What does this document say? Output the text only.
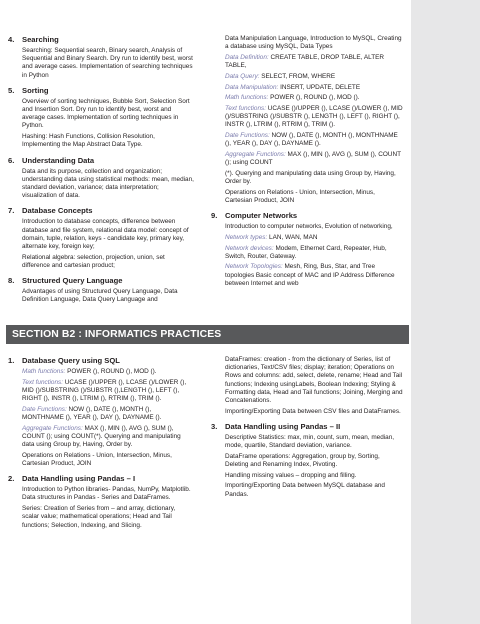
4.	Searching
Searching: Sequential search, Binary search, Analysis of Sequential and Binary Search. Dry run to identify best, worst and average cases. Implementation of searching techniques in Python
5.	Sorting
Overview of sorting techniques, Bubble Sort, Selection Sort and Insertion Sort. Dry run to identify best, worst and average cases. Implementation of sorting techniques in Python.
Hashing: Hash Functions, Collision Resolution, Implementing the Map Abstract Data Type.
6.	Understanding Data
Data and its purpose, collection and organization; understanding data using statistical methods: mean, median, standard deviation, variance; data interpretation; visualization of data.
7.	Database Concepts
Introduction to database concepts, difference between database and file system, relational data model: concept of domain, tuple, relation, keys - candidate key, primary key, alternate key, foreign key;
Relational algebra: selection, projection, union, set difference and cartesian product;
8.	Structured Query Language
Advantages of using Structured Query Language, Data Definition Language, Data Query Language and
Data Manipulation Language, Introduction to MySQL, Creating a database using MySQL, Data Types
Data Definition: CREATE TABLE, DROP TABLE, ALTER TABLE,
Data Query: SELECT, FROM, WHERE
Data Manipulation: INSERT, UPDATE, DELETE
Math functions: POWER (), ROUND (), MOD ().
Text functions: UCASE ()/UPPER (), LCASE ()/LOWER (), MID ()/SUBSTRING ()/SUBSTR (), LENGTH (), LEFT (), RIGHT (), INSTR (), LTRIM (), RTRIM (), TRIM ().
Date Functions: NOW (), DATE (), MONTH (), MONTHNAME (), YEAR (), DAY (), DAYNAME ().
Aggregate Functions: MAX (), MIN (), AVG (), SUM (), COUNT (); using COUNT
(*). Querying and manipulating data using Group by, Having, Order by.
Operations on Relations - Union, Intersection, Minus, Cartesian Product, JOIN
9.	Computer Networks
Introduction to computer networks, Evolution of networking,
Network types: LAN, WAN, MAN
Network devices: Modem, Ethernet Card, Repeater, Hub, Switch, Router, Gateway.
Network Topologies: Mesh, Ring, Bus, Star, and Tree topologies Basic concept of MAC and IP Address Difference between Internet and web
SECTION B2 : INFORMATICS PRACTICES
1.	Database Query using SQL
Math functions: POWER (), ROUND (), MOD ().
Text functions: UCASE ()/UPPER (), LCASE ()/LOWER (), MID ()/SUBSTRING ()/SUBSTR (),LENGTH (), LEFT (), RIGHT (), INSTR (), LTRIM (), RTRIM (), TRIM ().
Date Functions: NOW (), DATE (), MONTH (), MONTHNAME (), YEAR (), DAY (), DAYNAME ().
Aggregate Functions: MAX (), MIN (), AVG (), SUM (), COUNT (); using COUNT(*). Querying and manipulating data using Group by, Having, Order by.
Operations on Relations - Union, Intersection, Minus, Cartesian Product, JOIN
2.	Data Handling using Pandas – I
Introduction to Python libraries- Pandas, NumPy, Matplotlib. Data structures in Pandas - Series and DataFrames.
Series: Creation of Series from – and array, dictionary, scalar value; mathematical operations; Head and Tail functions; Selection, Indexing, and Slicing.
DataFrames: creation - from the dictionary of Series, list of dictionaries, Text/CSV files; display; iteration; Operations on Rows and columns: add, select, delete, rename; Head and Tail functions; Indexing usingLabels, Boolean Indexing; Styling & Formatting data, Head and Tail functions; Joining, Merging and Concatenations.
Importing/Exporting Data between CSV files and DataFrames.
3.	Data Handling using Pandas – II
Descriptive Statistics: max, min, count, sum, mean, median, mode, quartile, Standard deviation, variance.
DataFrame operations: Aggregation, group by, Sorting, Deleting and Renaming Index, Pivoting.
Handling missing values – dropping and filling.
Importing/Exporting Data between MySQL database and Pandas.
